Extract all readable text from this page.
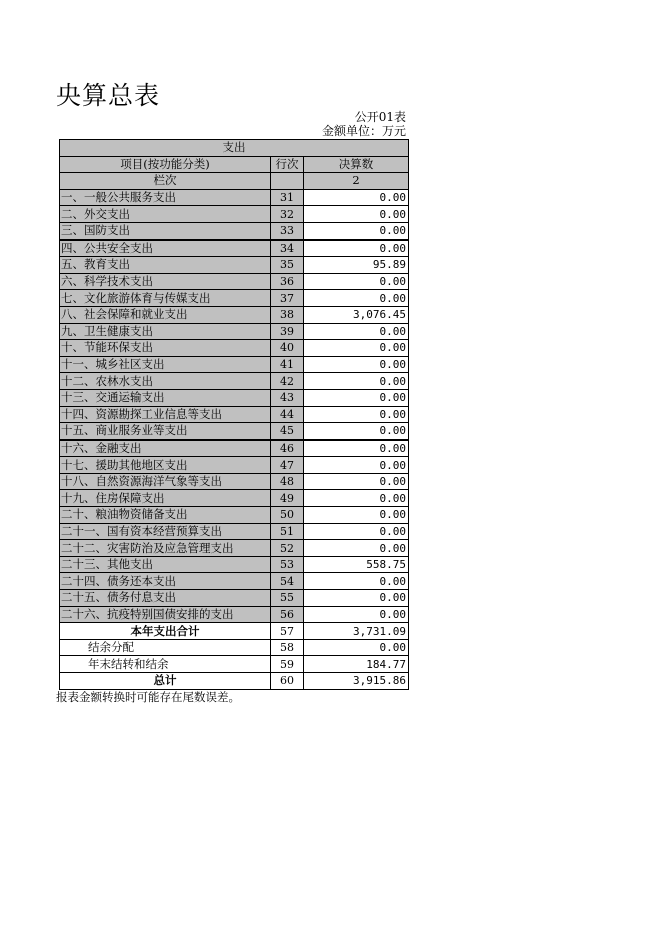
央算总表
公开01表
金额单位：万元
支出		
项目(按功能分类)	行次	决算数
栏次		2
一、一般公共服务支出	31	0.00
二、外交支出	32	0.00
三、国防支出	33	0.00
四、公共安全支出	34	0.00
五、教育支出	35	95.89
六、科学技术支出	36	0.00
七、文化旅游体育与传媒支出	37	0.00
八、社会保障和就业支出	38	3,076.45
九、卫生健康支出	39	0.00
十、节能环保支出	40	0.00
十一、城乡社区支出	41	0.00
十二、农林水支出	42	0.00
十三、交通运输支出	43	0.00
十四、资源勘探工业信息等支出	44	0.00
十五、商业服务业等支出	45	0.00
十六、金融支出	46	0.00
十七、援助其他地区支出	47	0.00
十八、自然资源海洋气象等支出	48	0.00
十九、住房保障支出	49	0.00
二十、粮油物资储备支出	50	0.00
二十一、国有资本经营预算支出	51	0.00
二十二、灾害防治及应急管理支出	52	0.00
二十三、其他支出	53	558.75
二十四、债务还本支出	54	0.00
二十五、债务付息支出	55	0.00
二十六、抗疫特别国债安排的支出	56	0.00
本年支出合计	57	3,731.09
结余分配	58	0.00
年末结转和结余	59	184.77
总计	60	3,915.86
报表金额转换时可能存在尾数误差。
